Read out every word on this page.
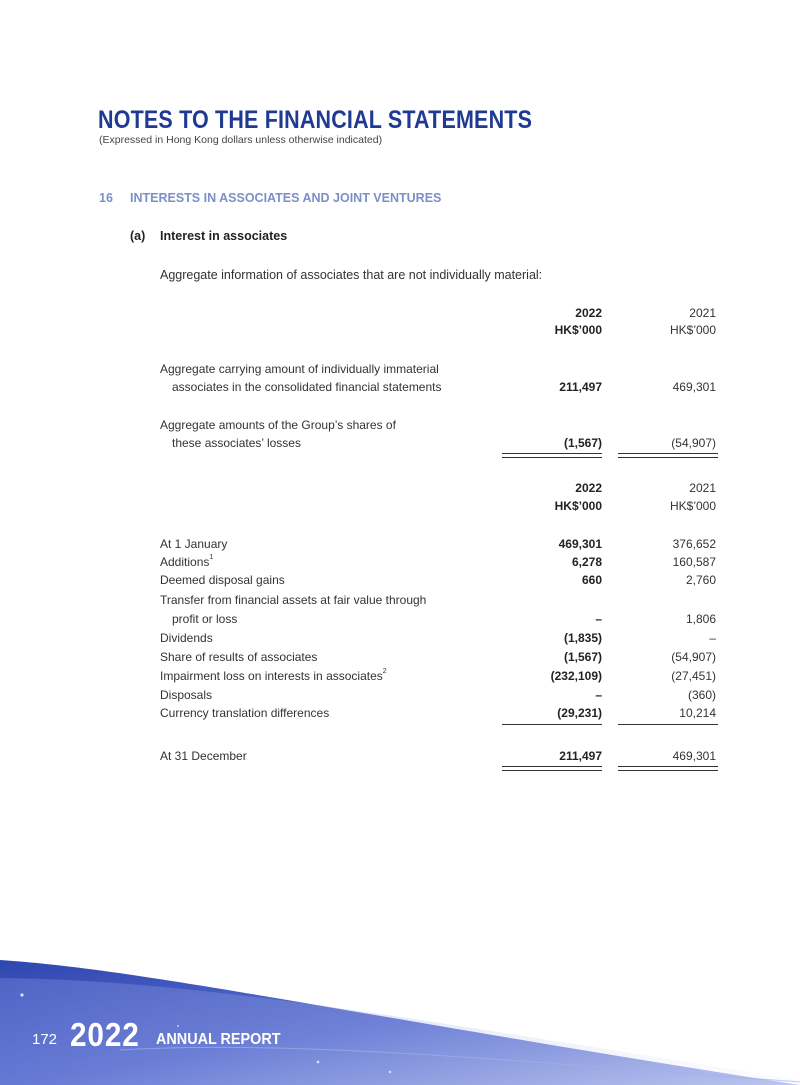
NOTES TO THE FINANCIAL STATEMENTS
(Expressed in Hong Kong dollars unless otherwise indicated)
16 INTERESTS IN ASSOCIATES AND JOINT VENTURES
(a) Interest in associates
Aggregate information of associates that are not individually material:
2022	2021
HK$’000	HK$’000
Aggregate carrying amount of individually immaterial
associates in the consolidated financial statements	211,497	469,301
Aggregate amounts of the Group’s shares of
these associates’ losses	(1,567)	(54,907)
2022	2021
HK$’000	HK$’000
At 1 January	469,301	376,652
Additions$^1$	6,278	160,587
Deemed disposal gains	660	2,760
Transfer from financial assets at fair value through
profit or loss	–	1,806
Dividends	(1,835)	–
Share of results of associates	(1,567)	(54,907)
Impairment loss on interests in associates$^2$	(232,109)	(27,451)
Disposals	–	(360)
Currency translation differences	(29,231)	10,214
At 31 December	211,497	469,301
172 2022 ANNUAL REPORT
